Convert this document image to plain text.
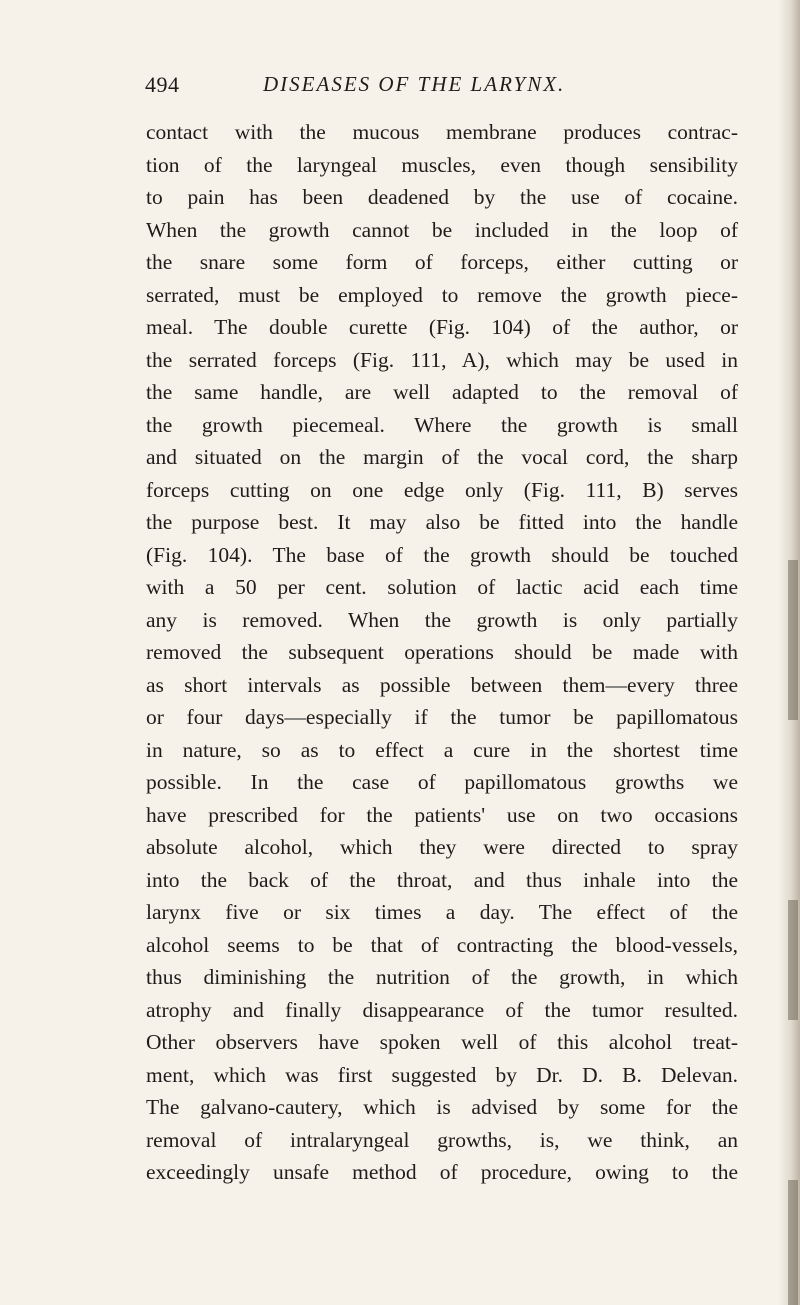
494	DISEASES OF THE LARYNX.
contact with the mucous membrane produces contrac-
tion of the laryngeal muscles, even though sensibility
to pain has been deadened by the use of cocaine.
When the growth cannot be included in the loop of
the snare some form of forceps, either cutting or
serrated, must be employed to remove the growth piece-
meal. The double curette (Fig. 104) of the author, or
the serrated forceps (Fig. 111, A), which may be used in
the same handle, are well adapted to the removal of
the growth piecemeal. Where the growth is small
and situated on the margin of the vocal cord, the sharp
forceps cutting on one edge only (Fig. 111, B) serves
the purpose best. It may also be fitted into the handle
(Fig. 104). The base of the growth should be touched
with a 50 per cent. solution of lactic acid each time
any is removed. When the growth is only partially
removed the subsequent operations should be made with
as short intervals as possible between them—every three
or four days—especially if the tumor be papillomatous
in nature, so as to effect a cure in the shortest time
possible. In the case of papillomatous growths we
have prescribed for the patients' use on two occasions
absolute alcohol, which they were directed to spray
into the back of the throat, and thus inhale into the
larynx five or six times a day. The effect of the
alcohol seems to be that of contracting the blood-vessels,
thus diminishing the nutrition of the growth, in which
atrophy and finally disappearance of the tumor resulted.
Other observers have spoken well of this alcohol treat-
ment, which was first suggested by Dr. D. B. Delevan.
The galvano-cautery, which is advised by some for the
removal of intralaryngeal growths, is, we think, an
exceedingly unsafe method of procedure, owing to the
